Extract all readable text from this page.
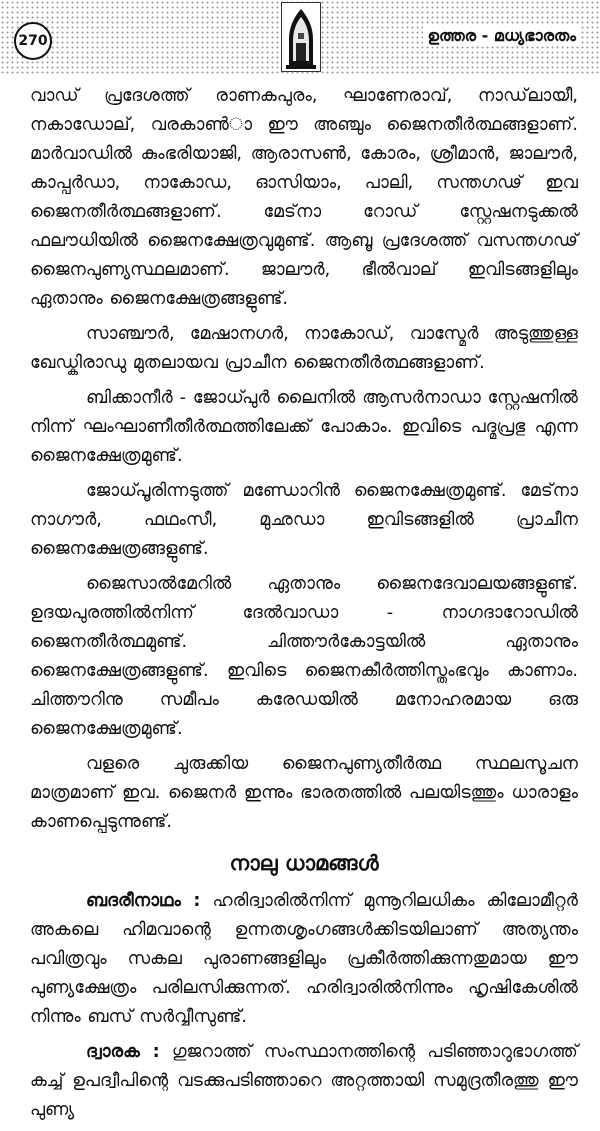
270	ഉത്തര - മധ്യഭാരതം

വാഡ് പ്രദേശത്ത് രാണകപുരം, ഘാണേരാവ്, നാഡ്‌ലായീ, നകാഡോല്, വരകാണ്‍ാ ഈ അഞ്ചും ജൈനതീർത്ഥങ്ങളാണ്. മാർവാഡിൽ കുംഭരിയാജി, ആരാസൺ, കോരം, ശ്രീമാൻ, ജാലൗർ, കാപ്പർഡാ, നാകോഡ, ഓസിയാം, പാലി, സന്തഗഢ് ഇവ ജൈനതീർത്ഥങ്ങളാണ്. മേട്‌നാ റോഡ് സ്റ്റേഷനടുക്കൽ ഫലൗധിയിൽ ജൈനക്ഷേത്രവുമുണ്ട്. ആബൂ പ്രദേശത്ത് വസന്തഗഢ് ജൈനപുണ്യസ്ഥലമാണ്. ജാലൗർ, ഭീൽവാല് ഇവിടങ്ങളിലും ഏതാനും ജൈനക്ഷേത്രങ്ങളുണ്ട്.

സാഞ്ചൗർ, മേഷാനഗർ, നാകോഡ്, വാസ്മേർ അടുത്തുള്ള ഖേഡ്കിരാഡു മുതലായവ പ്രാചീന ജൈനതീർത്ഥങ്ങളാണ്.

ബിക്കാനീർ - ജോധ്പുർ ലൈനിൽ ആസർനാഡാ സ്റ്റേഷനിൽ നിന്ന് ഘംഘാണീതീർത്ഥത്തിലേക്ക് പോകാം. ഇവിടെ പദ്മപ്രഭു എന്ന ജൈനക്ഷേത്രമുണ്ട്.

ജോധ്പൂരിന്നടുത്ത് മണ്ഡോറിൻ ജൈനക്ഷേത്രമുണ്ട്. മേട്‌നാ നാഗൗർ, ഫഥംസീ, മുഛഡാ ഇവിടങ്ങളിൽ പ്രാചീന ജൈനക്ഷേത്രങ്ങളുണ്ട്.

ജൈസാൽമേറിൽ ഏതാനും ജൈനദേവാലയങ്ങളുണ്ട്. ഉദയപുരത്തിൽനിന്ന് ദേൽവാഡാ - നാഗദാറോഡിൽ ജൈനതീർത്ഥമുണ്ട്. ചിത്തൗർകോട്ടയിൽ ഏതാനും ജൈനക്ഷേത്രങ്ങളുണ്ട്. ഇവിടെ ജൈനകീർത്തിസ്തംഭവും കാണാം. ചിത്തൗറിനു സമീപം കരേഡയിൽ മനോഹരമായ ഒരു ജൈനക്ഷേത്രമുണ്ട്.

വളരെ ചുരുക്കിയ ജൈനപുണ്യതീർത്ഥ സ്ഥലസൂചന മാത്രമാണ് ഇവ. ജൈനർ ഇന്നും ഭാരതത്തിൽ പലയിടത്തും ധാരാളം കാണപ്പെടുന്നുണ്ട്.

നാലു ധാമങ്ങൾ

ബദരീനാഥം : ഹരിദ്വാരിൽനിന്ന് മുന്നൂറിലധികം കിലോമീറ്റർ അകലെ ഹിമവാന്റെ ഉന്നതശൃംഗങ്ങൾക്കിടയിലാണ് അത്യന്തം പവിത്രവും സകല പുരാണങ്ങളിലും പ്രകീർത്തിക്കുന്നതുമായ ഈ പുണ്യക്ഷേത്രം പരിലസിക്കുന്നത്. ഹരിദ്വാരിൽനിന്നും ഹൃഷികേശിൽ നിന്നും ബസ് സർവ്വീസുണ്ട്.

ദ്വാരക : ഗുജറാത്ത് സംസ്ഥാനത്തിന്റെ പടിഞ്ഞാറുഭാഗത്ത് കച്ച് ഉപദ്വീപിന്റെ വടക്കുപടിഞ്ഞാറെ അറ്റത്തായി സമുദ്രതീരത്തു ഈ പുണ്യ
